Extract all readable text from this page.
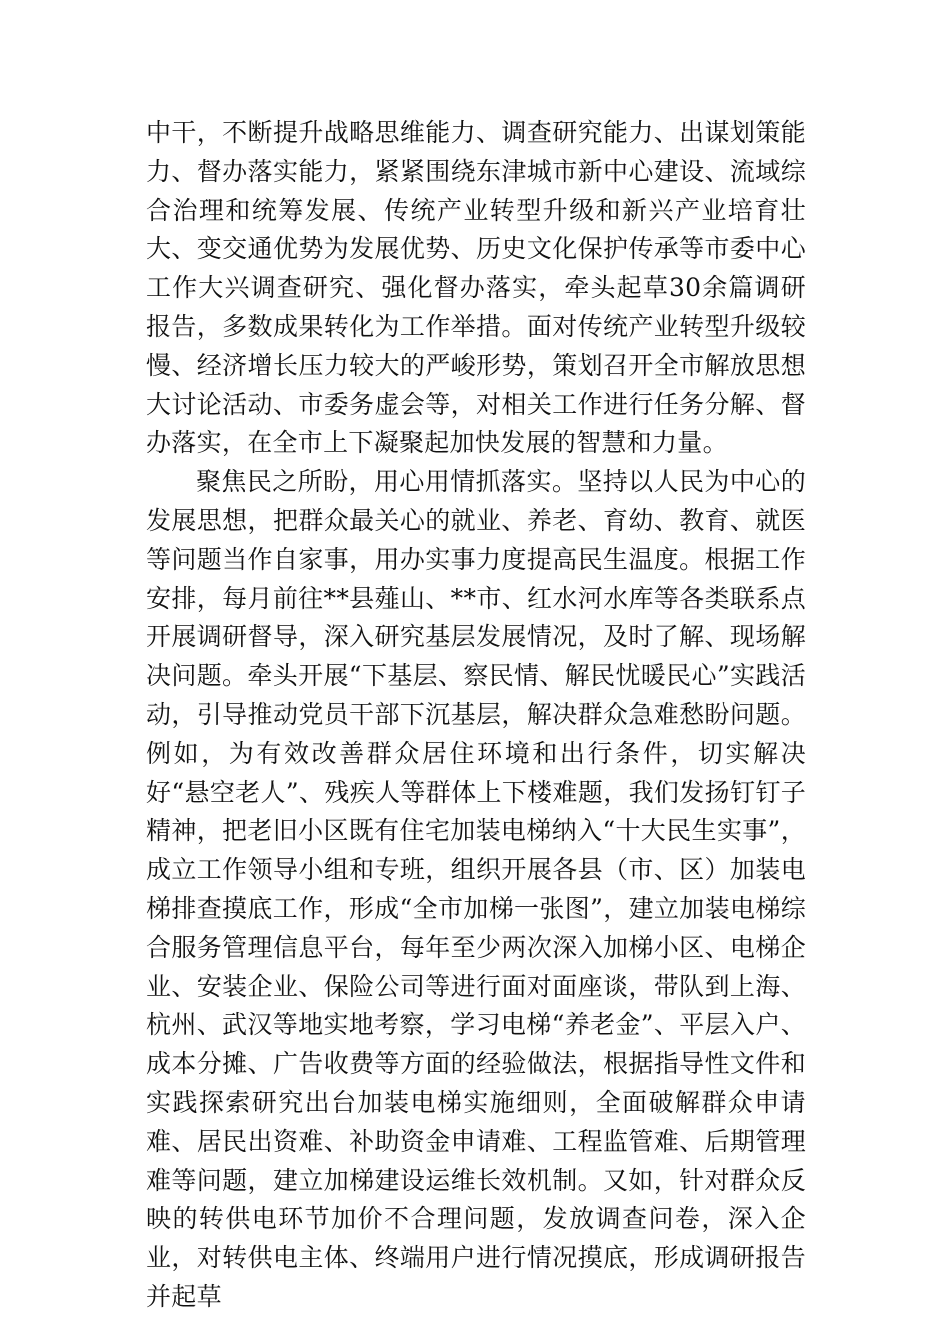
中干，不断提升战略思维能力、调查研究能力、出谋划策能力、督办落实能力，紧紧围绕东津城市新中心建设、流域综合治理和统筹发展、传统产业转型升级和新兴产业培育壮大、变交通优势为发展优势、历史文化保护传承等市委中心工作大兴调查研究、强化督办落实，牵头起草30余篇调研报告，多数成果转化为工作举措。面对传统产业转型升级较慢、经济增长压力较大的严峻形势，策划召开全市解放思想大讨论活动、市委务虚会等，对相关工作进行任务分解、督办落实，在全市上下凝聚起加快发展的智慧和力量。

聚焦民之所盼，用心用情抓落实。坚持以人民为中心的发展思想，把群众最关心的就业、养老、育幼、教育、就医等问题当作自家事，用办实事力度提高民生温度。根据工作安排，每月前往**县薤山、**市、红水河水库等各类联系点开展调研督导，深入研究基层发展情况，及时了解、现场解决问题。牵头开展“下基层、察民情、解民忧暖民心”实践活动，引导推动党员干部下沉基层，解决群众急难愁盼问题。例如，为有效改善群众居住环境和出行条件，切实解决好“悬空老人”、残疾人等群体上下楼难题，我们发扬钉钉子精神，把老旧小区既有住宅加装电梯纳入“十大民生实事”，成立工作领导小组和专班，组织开展各县（市、区）加装电梯排查摸底工作，形成“全市加梯一张图”，建立加装电梯综合服务管理信息平台，每年至少两次深入加梯小区、电梯企业、安装企业、保险公司等进行面对面座谈，带队到上海、杭州、武汉等地实地考察，学习电梯“养老金”、平层入户、成本分摊、广告收费等方面的经验做法，根据指导性文件和实践探索研究出台加装电梯实施细则，全面破解群众申请难、居民出资难、补助资金申请难、工程监管难、后期管理难等问题，建立加梯建设运维长效机制。又如，针对群众反映的转供电环节加价不合理问题，发放调查问卷，深入企业，对转供电主体、终端用户进行情况摸底，形成调研报告并起草
